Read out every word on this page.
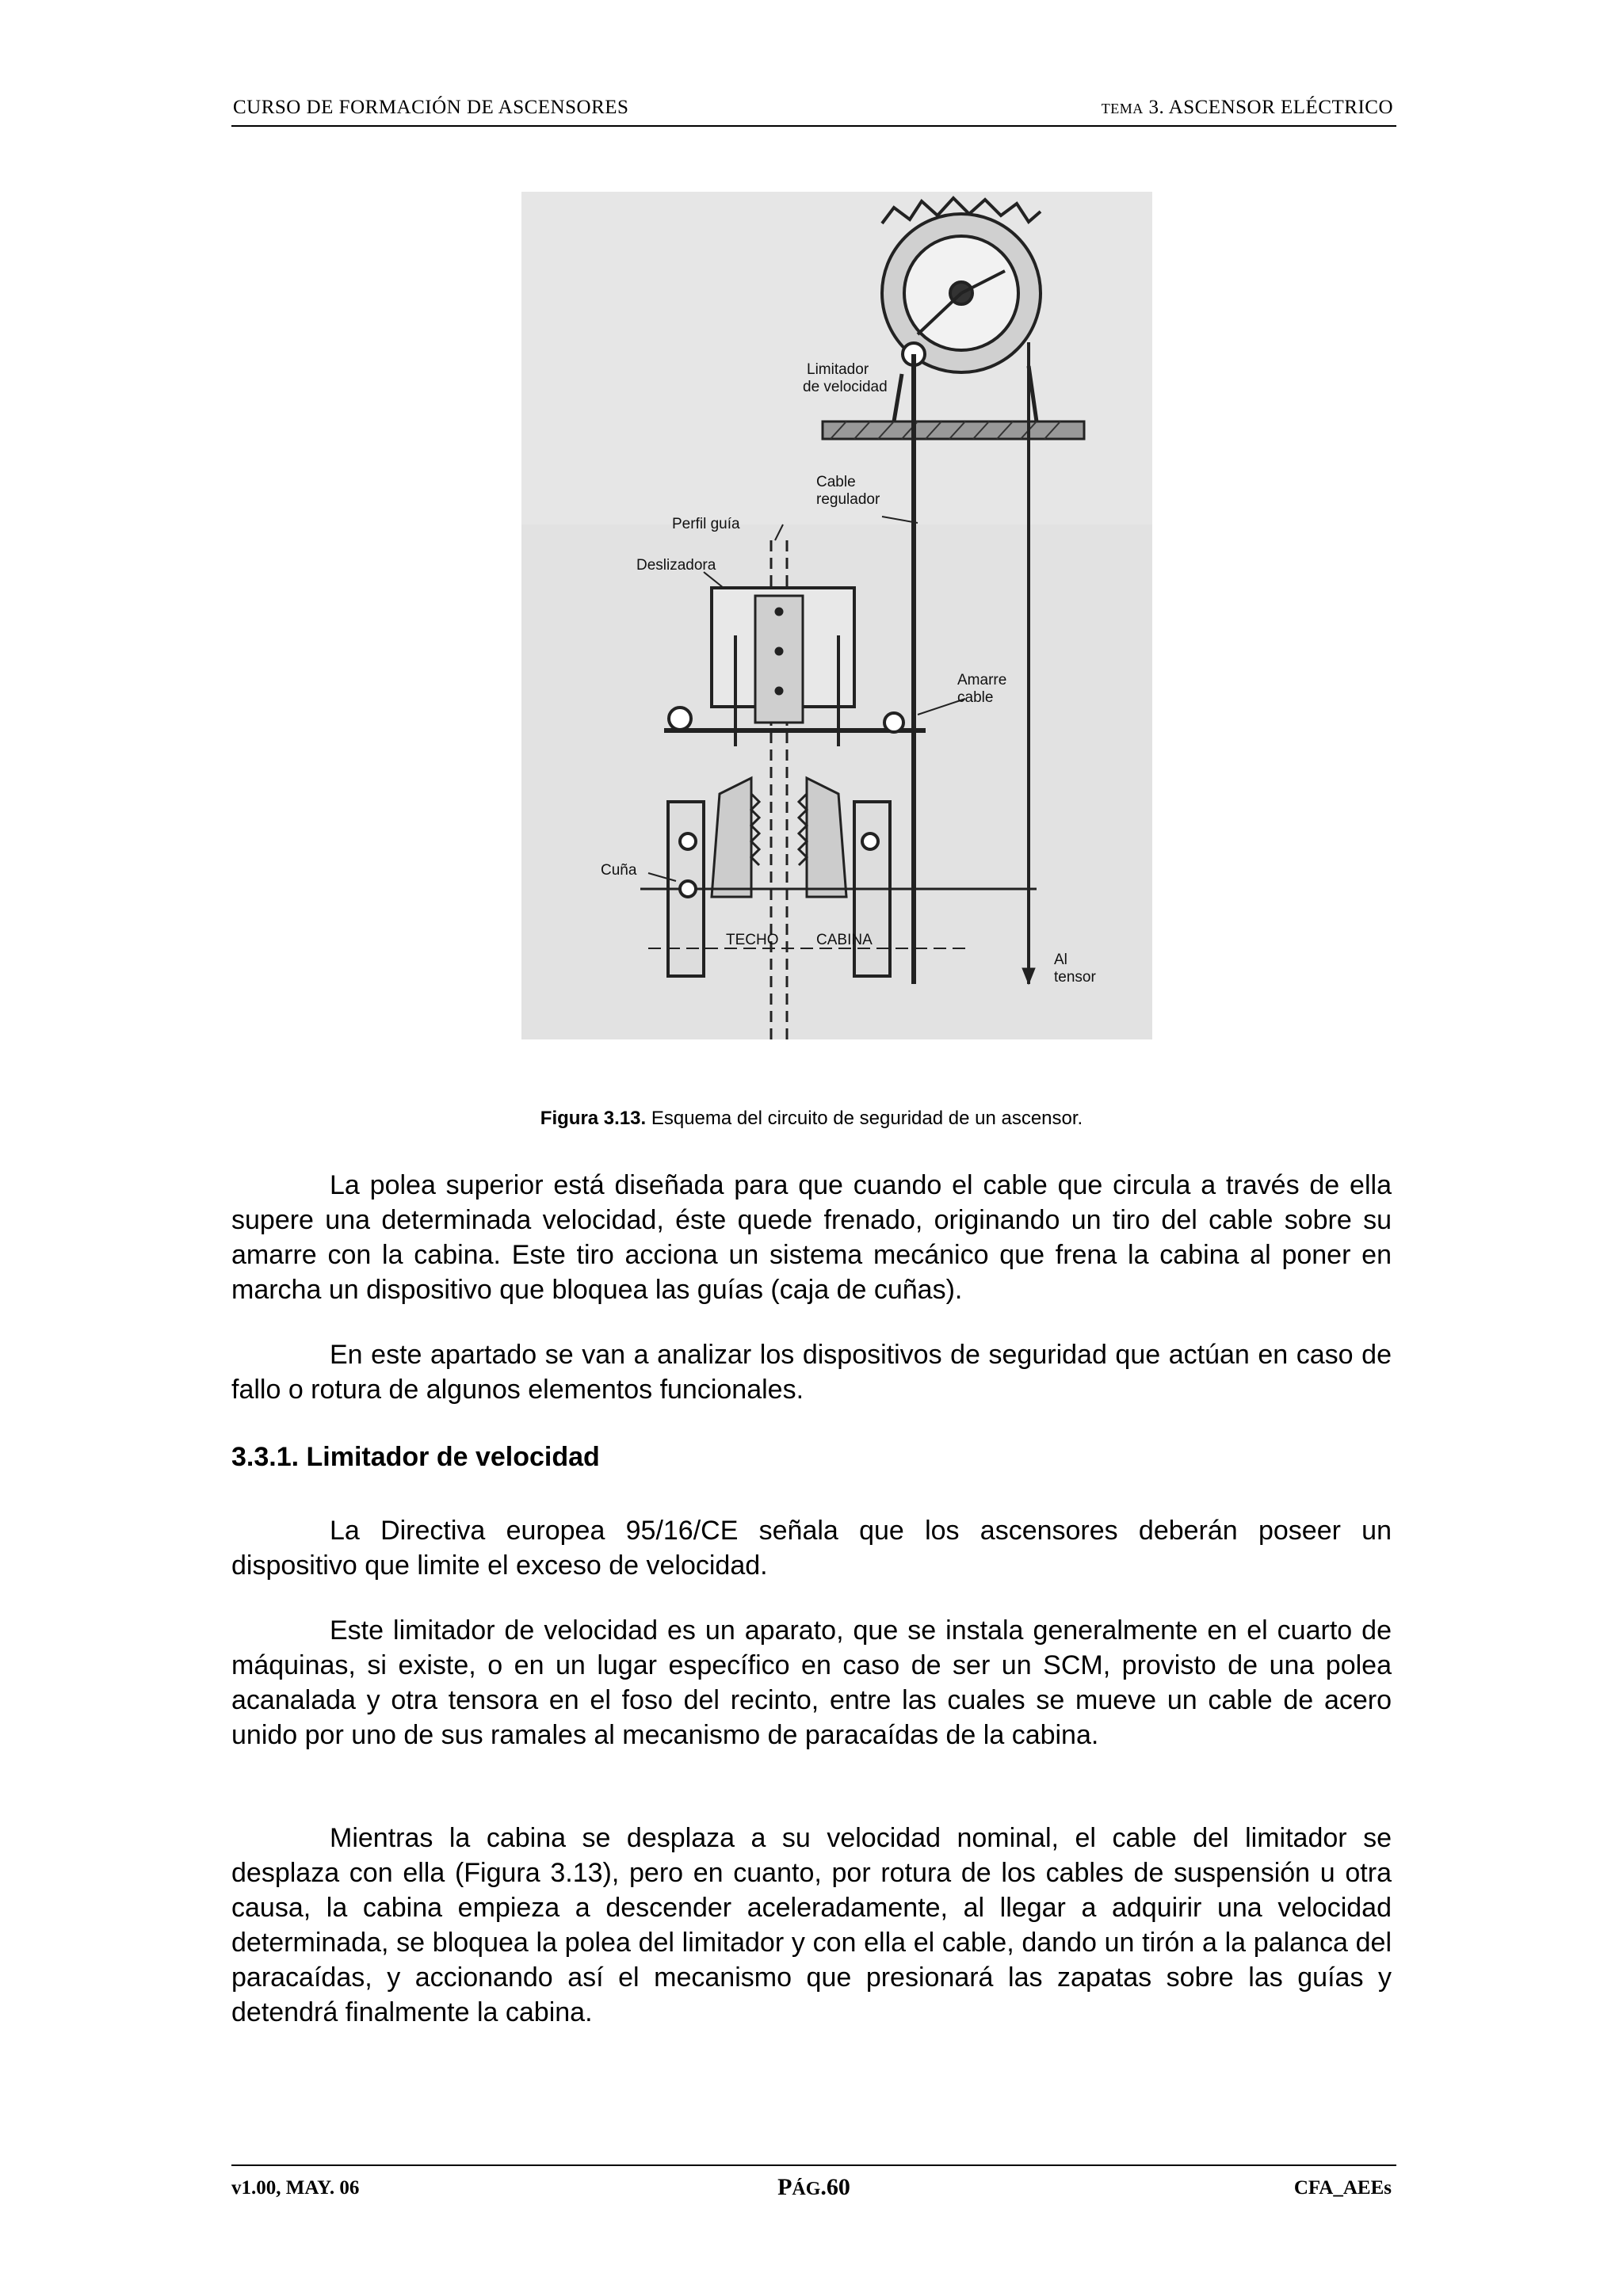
CURSO DE FORMACIÓN DE ASCENSORES	TEMA 3. ASCENSOR ELÉCTRICO
Limitador
de velocidad
Cable
regulador
Perfil guía
Deslizadora
Amarre
cable
Cuña
TECHO	CABINA
Al
tensor
Figura 3.13. Esquema del circuito de seguridad de un ascensor.

La polea superior está diseñada para que cuando el cable que circula a través de ella supere una determinada velocidad, éste quede frenado, originando un tiro del cable sobre su amarre con la cabina. Este tiro acciona un sistema mecánico que frena la cabina al poner en marcha un dispositivo que bloquea las guías (caja de cuñas).

En este apartado se van a analizar los dispositivos de seguridad que actúan en caso de fallo o rotura de algunos elementos funcionales.

3.3.1. Limitador de velocidad

La Directiva europea 95/16/CE señala que los ascensores deberán poseer un dispositivo que limite el exceso de velocidad.

Este limitador de velocidad es un aparato, que se instala generalmente en el cuarto de máquinas, si existe, o en un lugar específico en caso de ser un SCM, provisto de una polea acanalada y otra tensora en el foso del recinto, entre las cuales se mueve un cable de acero unido por uno de sus ramales al mecanismo de paracaídas de la cabina.

Mientras la cabina se desplaza a su velocidad nominal, el cable del limitador se desplaza con ella (Figura 3.13), pero en cuanto, por rotura de los cables de suspensión u otra causa, la cabina empieza a descender aceleradamente, al llegar a adquirir una velocidad determinada, se bloquea la polea del limitador y con ella el cable, dando un tirón a la palanca del paracaídas, y accionando así el mecanismo que presionará las zapatas sobre las guías y detendrá finalmente la cabina.

v1.00, MAY. 06	PÁG.60	CFA_AEEs
